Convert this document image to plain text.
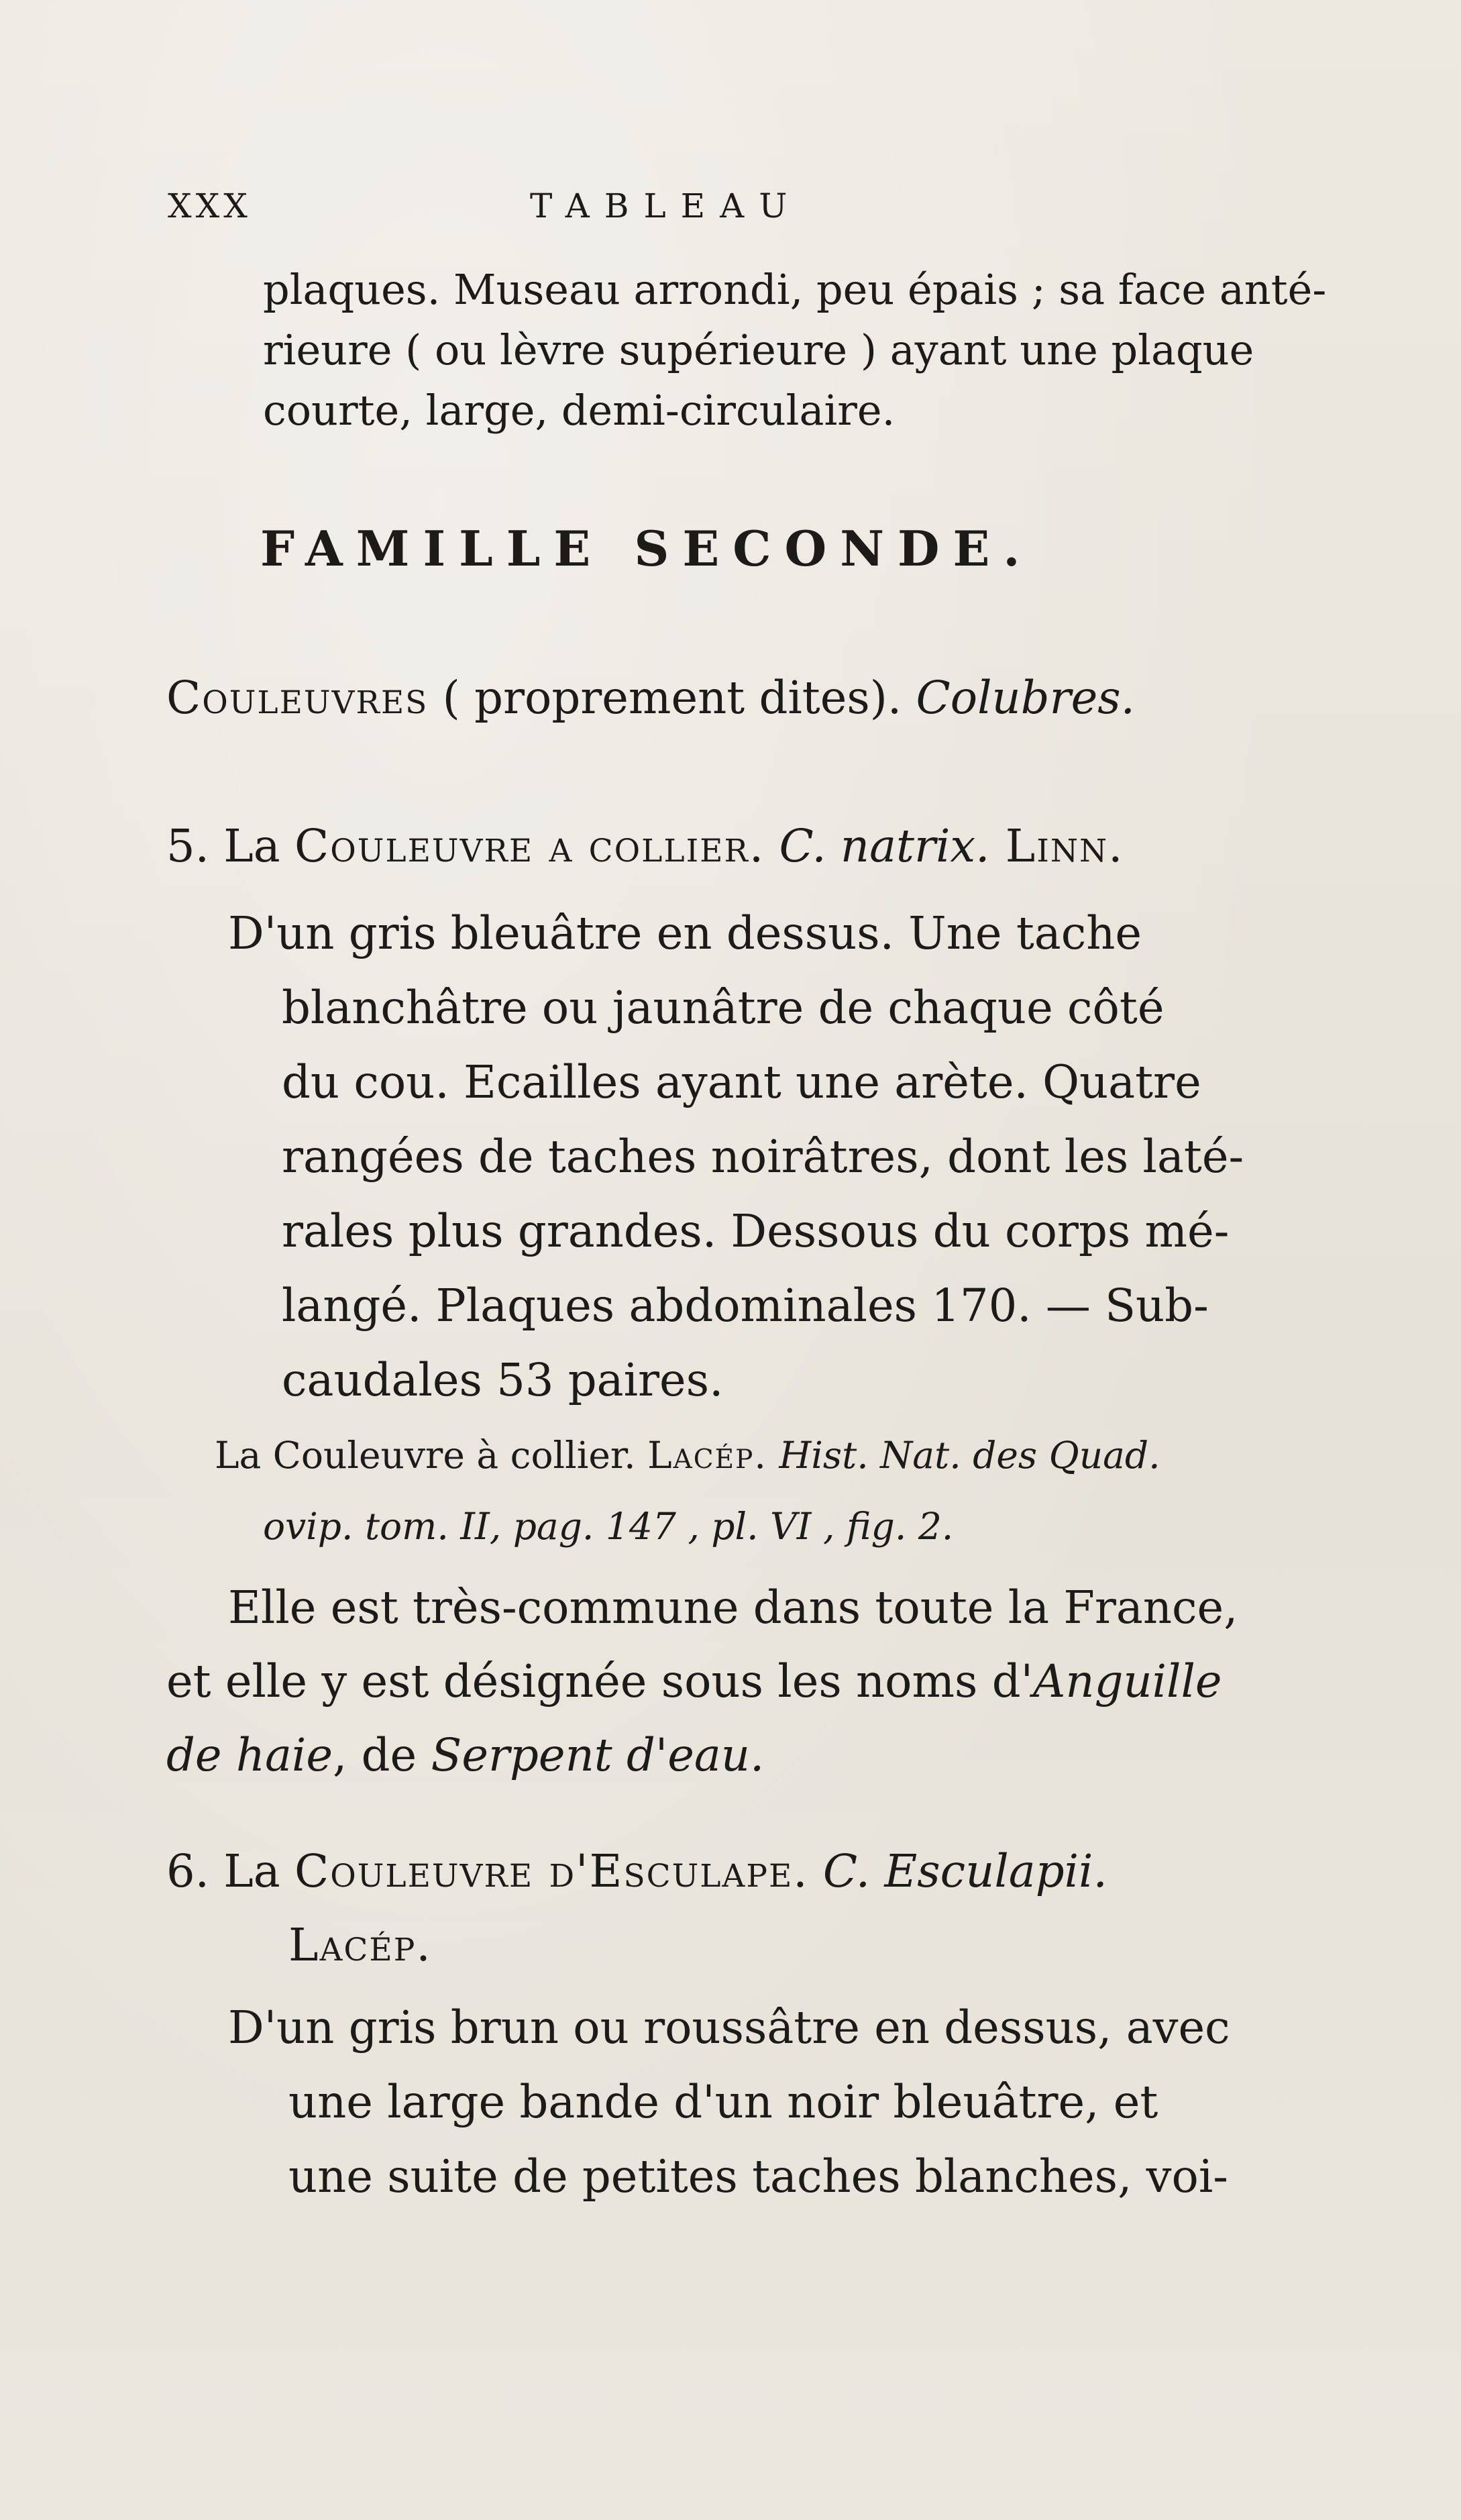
XXX	TABLEAU
plaques. Museau arrondi, peu épais ; sa face anté-
rieure ( ou lèvre supérieure ) ayant une plaque
courte, large, demi-circulaire.
FAMILLE SECONDE.
Couleuvres ( proprement dites). Colubres.
5. La Couleuvre a collier. C. natrix. Linn.
D'un gris bleuâtre en dessus. Une tache
blanchâtre ou jaunâtre de chaque côté
du cou. Ecailles ayant une arète. Quatre
rangées de taches noirâtres, dont les laté-
rales plus grandes. Dessous du corps mé-
langé. Plaques abdominales 170. — Sub-
caudales 53 paires.
La Couleuvre à collier. Lacép. Hist. Nat. des Quad.
ovip. tom. II, pag. 147 , pl. VI , fig. 2.
Elle est très-commune dans toute la France,
et elle y est désignée sous les noms d'Anguille
de haie, de Serpent d'eau.
6. La Couleuvre d'Esculape. C. Esculapii.
Lacép.
D'un gris brun ou roussâtre en dessus, avec
une large bande d'un noir bleuâtre, et
une suite de petites taches blanches, voi-
